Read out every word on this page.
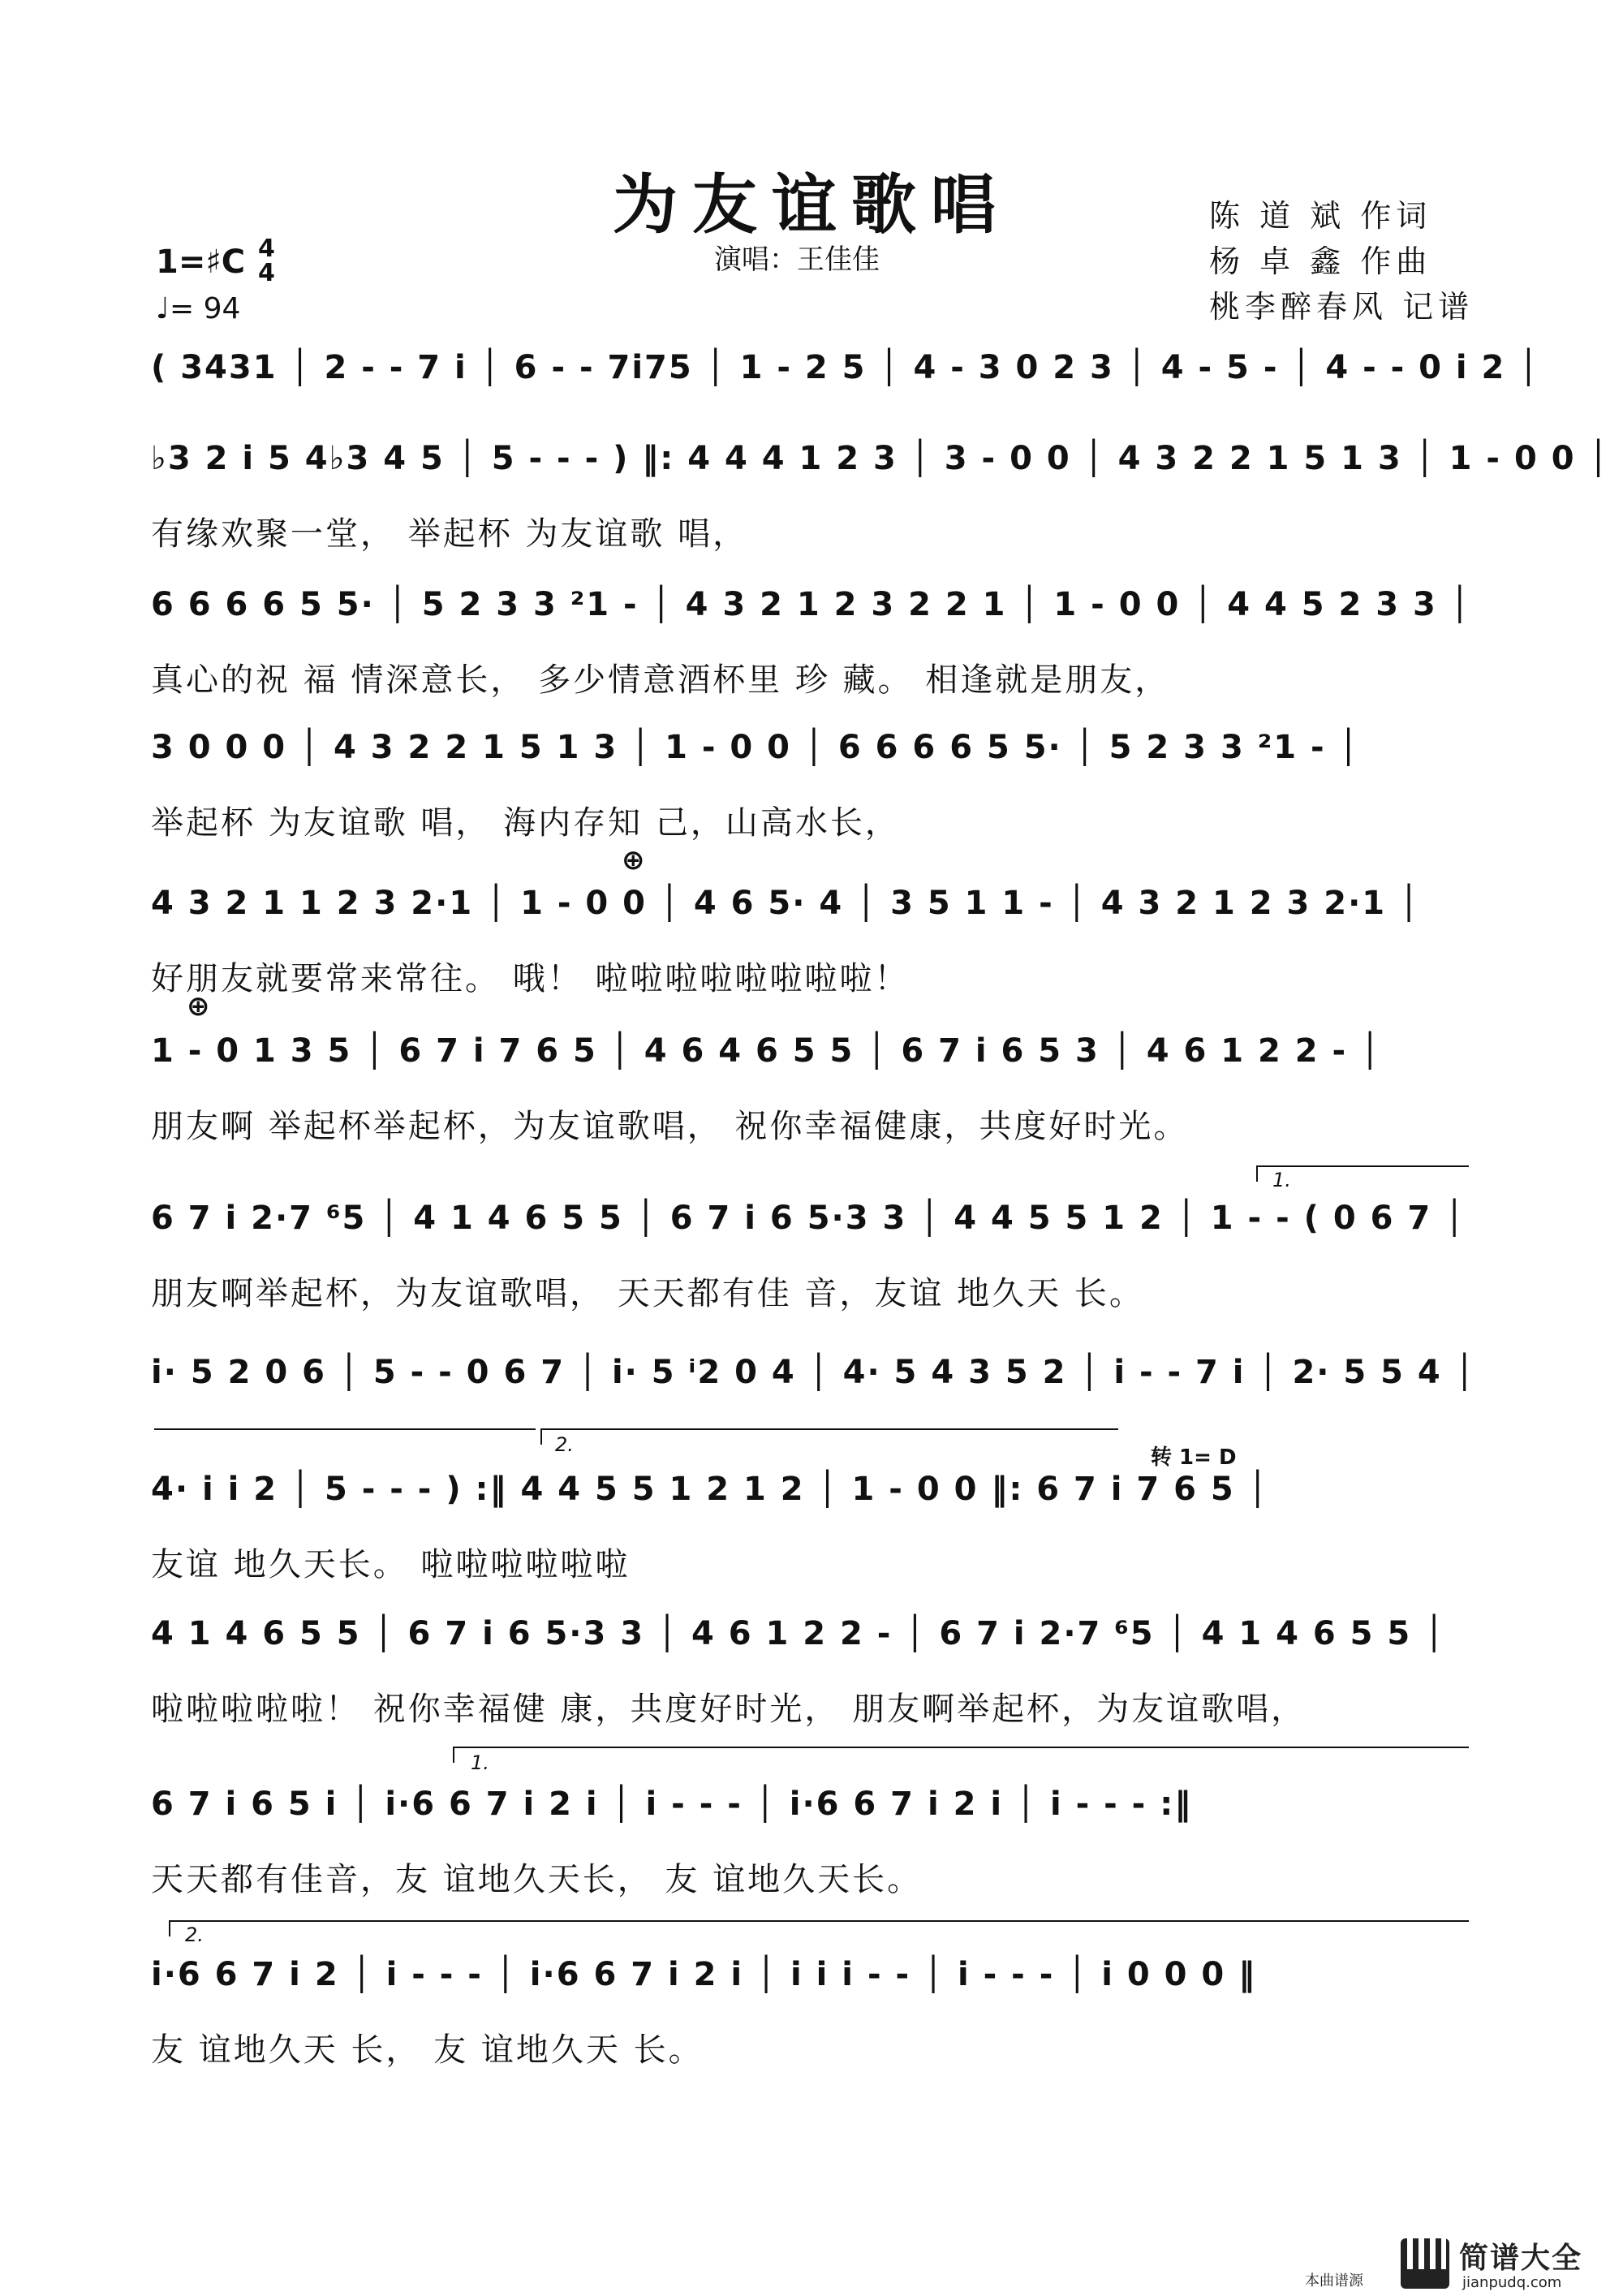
为友谊歌唱
演唱：王佳佳
陈 道 斌 作词
杨 卓 鑫 作曲
桃李醉春风 记谱
1=♯C 4
4
♩= 94
( 3431 │ 2 - - 7 i │ 6 - - 7i75 │ 1 - 2 5 │ 4 - 3 0 2 3 │ 4 - 5 - │ 4 - - 0 i 2 │
♭3 2 i 5 4♭3 4 5 │ 5 - - - ) ‖: 4 4 4 1 2 3 │ 3 - 0 0 │ 4 3 2 2 1 5 1 3 │ 1 - 0 0 │
有缘欢聚一堂， 举起杯 为友谊歌 唱，
6 6 6 6 5 5· │ 5 2 3 3 ²1 - │ 4 3 2 1 2 3 2 2 1 │ 1 - 0 0 │ 4 4 5 2 3 3 │
真心的祝 福 情深意长， 多少情意酒杯里 珍 藏。 相逢就是朋友，
3 0 0 0 │ 4 3 2 2 1 5 1 3 │ 1 - 0 0 │ 6 6 6 6 5 5· │ 5 2 3 3 ²1 - │
举起杯 为友谊歌 唱， 海内存知 己，山高水长，
⊕
4 3 2 1 1 2 3 2·1 │ 1 - 0 0 │ 4 6 5· 4 │ 3 5 1 1 - │ 4 3 2 1 2 3 2·1 │
好朋友就要常来常往。 哦！ 啦啦啦啦啦啦啦啦！
⊕
1 - 0 1 3 5 │ 6 7 i 7 6 5 │ 4 6 4 6 5 5 │ 6 7 i 6 5 3 │ 4 6 1 2 2 - │
朋友啊 举起杯举起杯，为友谊歌唱， 祝你幸福健康，共度好时光。
1.
6 7 i 2·7 ⁶5 │ 4 1 4 6 5 5 │ 6 7 i 6 5·3 3 │ 4 4 5 5 1 2 │ 1 - - ( 0 6 7 │
朋友啊举起杯，为友谊歌唱， 天天都有佳 音，友谊 地久天 长。
i· 5 2 0 6 │ 5 - - 0 6 7 │ i· 5 ⁱ2 0 4 │ 4· 5 4 3 5 2 │ i - - 7 i │ 2· 5 5 4 │
2.
转 1= D
4· i i 2 │ 5 - - - ) :‖ 4 4 5 5 1 2 1 2 │ 1 - 0 0 ‖: 6 7 i 7 6 5 │
友谊 地久天长。 啦啦啦啦啦啦
4 1 4 6 5 5 │ 6 7 i 6 5·3 3 │ 4 6 1 2 2 - │ 6 7 i 2·7 ⁶5 │ 4 1 4 6 5 5 │
啦啦啦啦啦！ 祝你幸福健 康，共度好时光， 朋友啊举起杯，为友谊歌唱，
1.
6 7 i 6 5 i │ i·6 6 7 i 2 i │ i - - - │ i·6 6 7 i 2 i │ i - - - :‖
天天都有佳音，友 谊地久天长， 友 谊地久天长。
2.
i·6 6 7 i 2 │ i - - - │ i·6 6 7 i 2 i │ i i i - - │ i - - - │ i 0 0 0 ‖
友 谊地久天 长， 友 谊地久天 长。
本曲谱源
简谱大全
jianpudq.com
